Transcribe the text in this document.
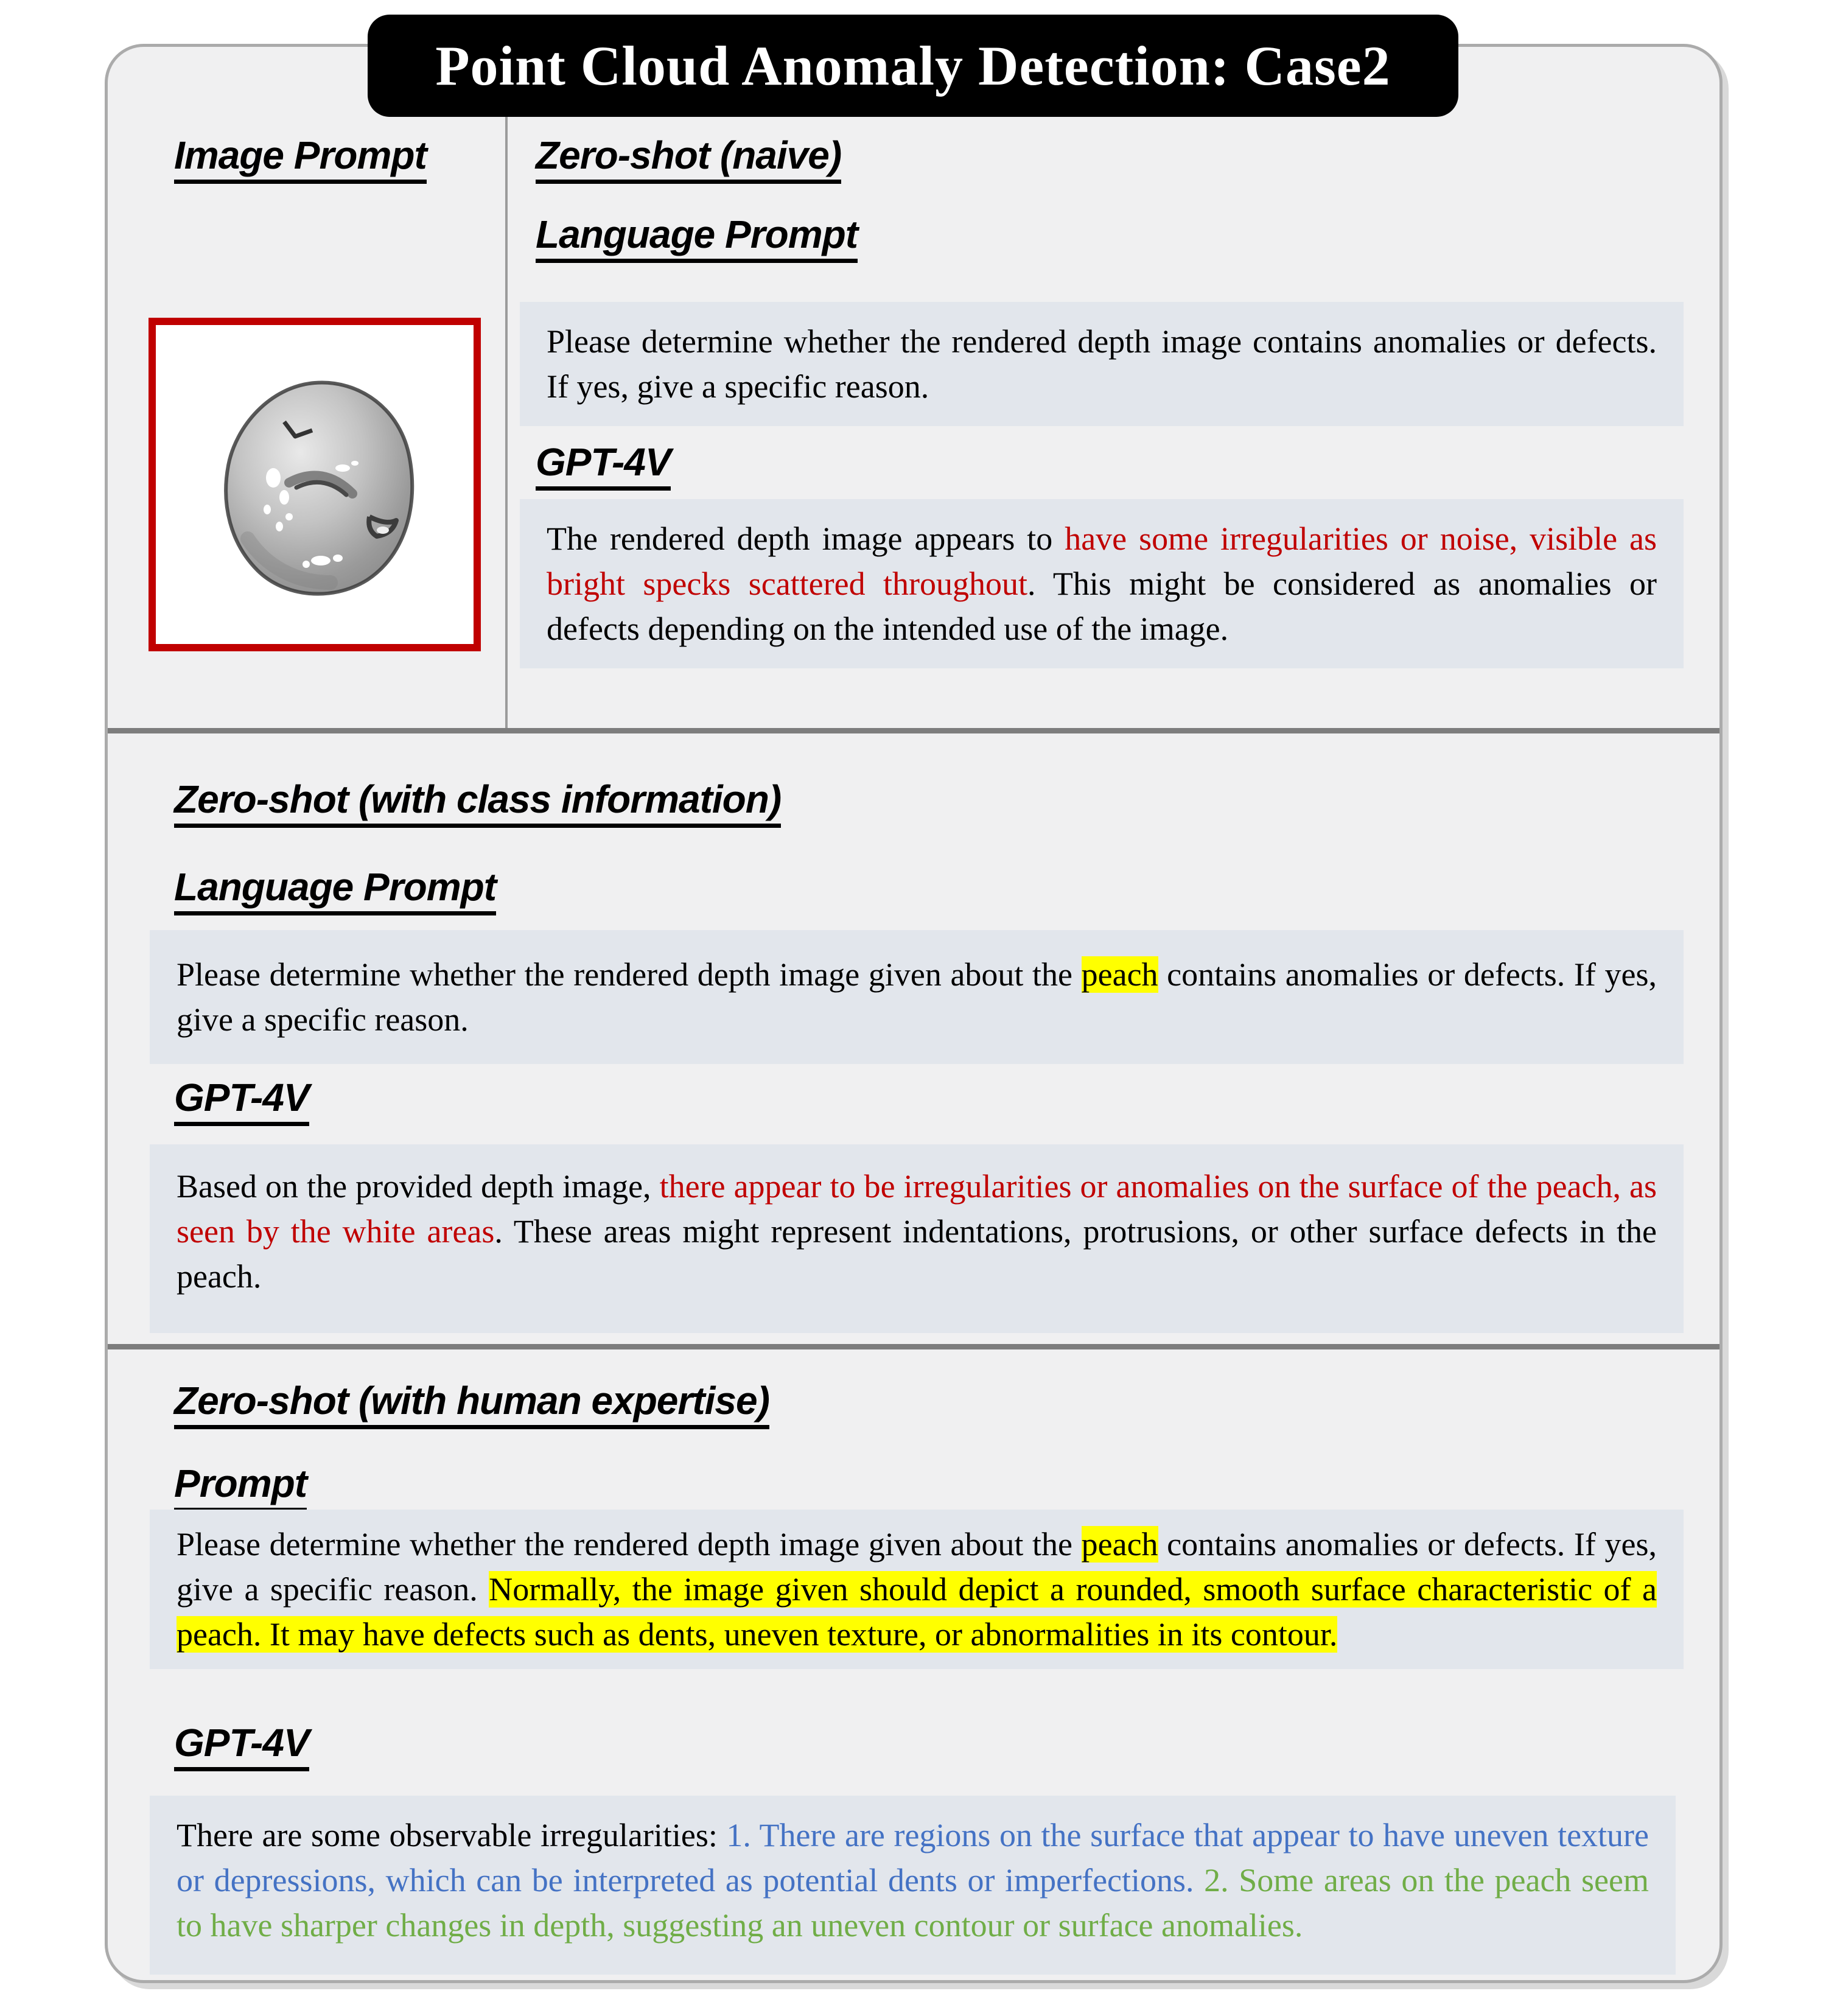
Point Cloud Anomaly Detection: Case2
Image Prompt	Zero-shot (naive)
Language Prompt
Please determine whether the rendered depth image contains anomalies or defects. If yes, give a specific reason.
GPT-4V
The rendered depth image appears to have some irregularities or noise, visible as bright specks scattered throughout. This might be considered as anomalies or defects depending on the intended use of the image.
Zero-shot (with class information)
Language Prompt
Please determine whether the rendered depth image given about the peach contains anomalies or defects. If yes, give a specific reason.
GPT-4V
Based on the provided depth image, there appear to be irregularities or anomalies on the surface of the peach, as seen by the white areas. These areas might represent indentations, protrusions, or other surface defects in the peach.
Zero-shot (with human expertise)
Prompt
Please determine whether the rendered depth image given about the peach contains anomalies or defects. If yes, give a specific reason. Normally, the image given should depict a rounded, smooth surface characteristic of a peach. It may have defects such as dents, uneven texture, or abnormalities in its contour.
GPT-4V
There are some observable irregularities: 1. There are regions on the surface that appear to have uneven texture or depressions, which can be interpreted as potential dents or imperfections. 2. Some areas on the peach seem to have sharper changes in depth, suggesting an uneven contour or surface anomalies.
